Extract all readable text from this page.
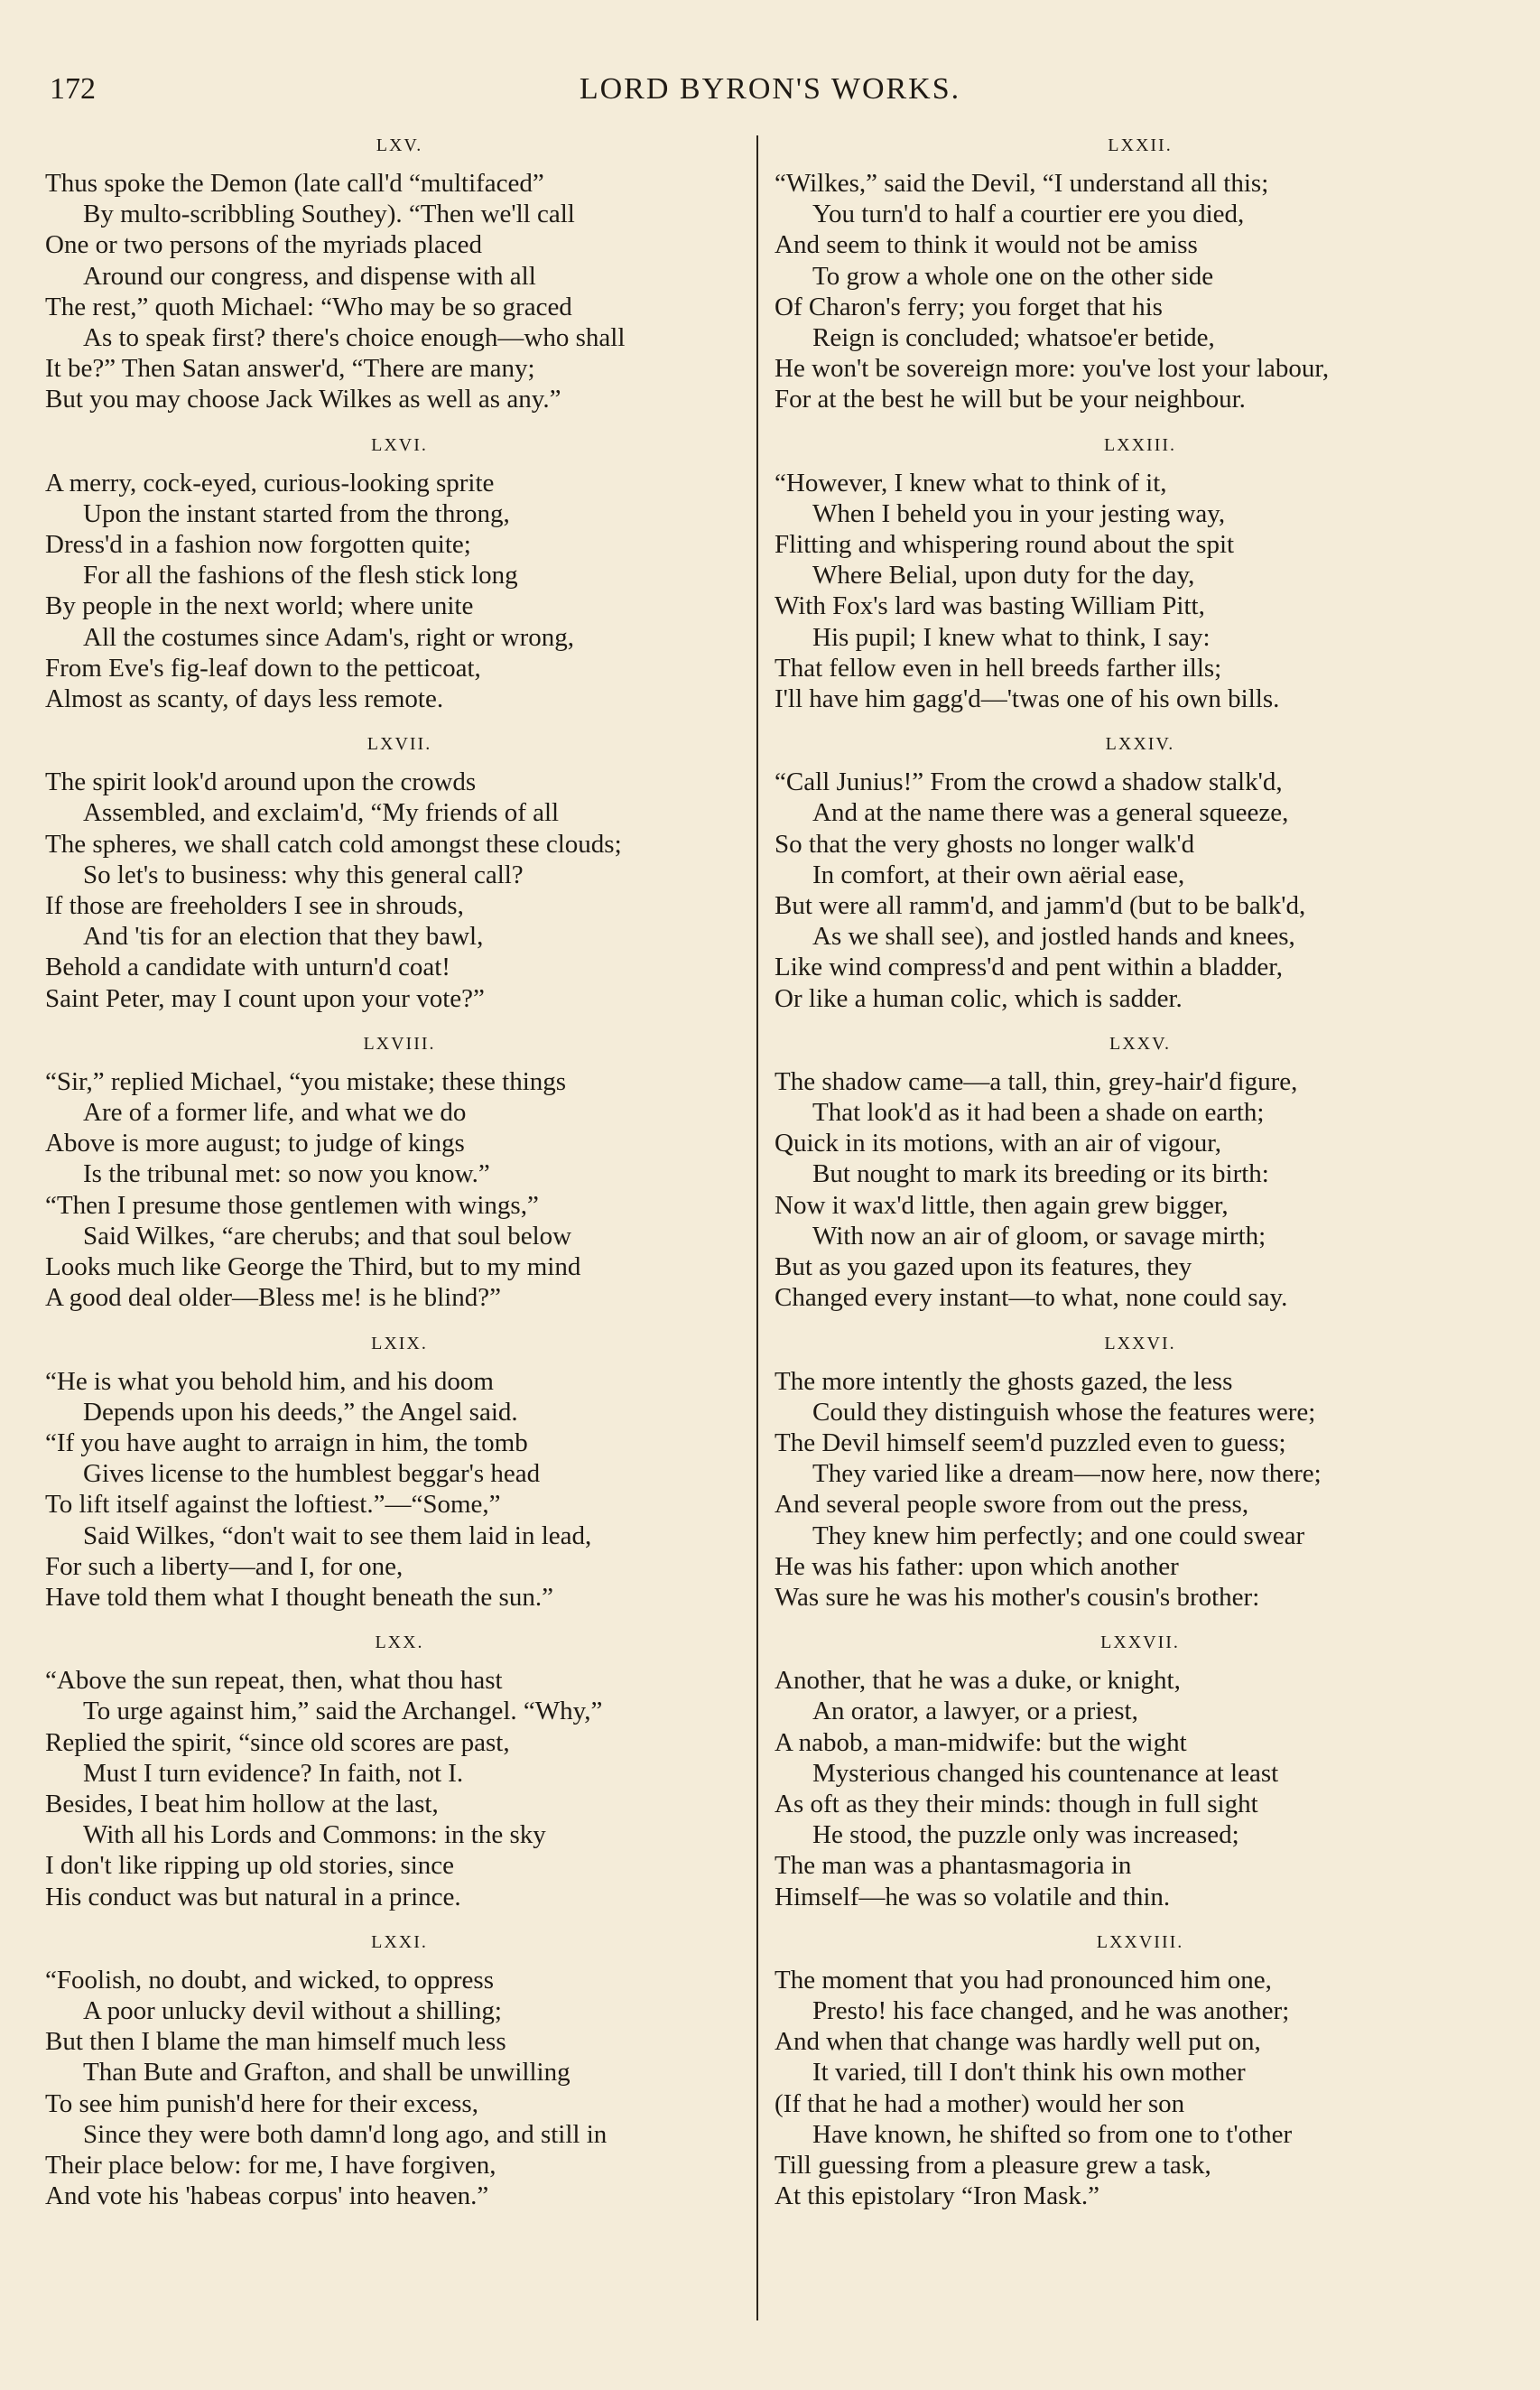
172	LORD BYRON'S WORKS.
LXV.
Thus spoke the Demon (late call'd “multifaced”
By multo-scribbling Southey). “Then we'll call
One or two persons of the myriads placed
Around our congress, and dispense with all
The rest,” quoth Michael: “Who may be so graced
As to speak first? there's choice enough—who shall
It be?” Then Satan answer'd, “There are many;
But you may choose Jack Wilkes as well as any.”
LXVI.
A merry, cock-eyed, curious-looking sprite
Upon the instant started from the throng,
Dress'd in a fashion now forgotten quite;
For all the fashions of the flesh stick long
By people in the next world; where unite
All the costumes since Adam's, right or wrong,
From Eve's fig-leaf down to the petticoat,
Almost as scanty, of days less remote.
LXVII.
The spirit look'd around upon the crowds
Assembled, and exclaim'd, “My friends of all
The spheres, we shall catch cold amongst these clouds;
So let's to business: why this general call?
If those are freeholders I see in shrouds,
And 'tis for an election that they bawl,
Behold a candidate with unturn'd coat!
Saint Peter, may I count upon your vote?”
LXVIII.
“Sir,” replied Michael, “you mistake; these things
Are of a former life, and what we do
Above is more august; to judge of kings
Is the tribunal met: so now you know.”
“Then I presume those gentlemen with wings,”
Said Wilkes, “are cherubs; and that soul below
Looks much like George the Third, but to my mind
A good deal older—Bless me! is he blind?”
LXIX.
“He is what you behold him, and his doom
Depends upon his deeds,” the Angel said.
“If you have aught to arraign in him, the tomb
Gives license to the humblest beggar's head
To lift itself against the loftiest.”—“Some,”
Said Wilkes, “don't wait to see them laid in lead,
For such a liberty—and I, for one,
Have told them what I thought beneath the sun.”
LXX.
“Above the sun repeat, then, what thou hast
To urge against him,” said the Archangel. “Why,”
Replied the spirit, “since old scores are past,
Must I turn evidence? In faith, not I.
Besides, I beat him hollow at the last,
With all his Lords and Commons: in the sky
I don't like ripping up old stories, since
His conduct was but natural in a prince.
LXXI.
“Foolish, no doubt, and wicked, to oppress
A poor unlucky devil without a shilling;
But then I blame the man himself much less
Than Bute and Grafton, and shall be unwilling
To see him punish'd here for their excess,
Since they were both damn'd long ago, and still in
Their place below: for me, I have forgiven,
And vote his 'habeas corpus' into heaven.”
LXXII.
“Wilkes,” said the Devil, “I understand all this;
You turn'd to half a courtier ere you died,
And seem to think it would not be amiss
To grow a whole one on the other side
Of Charon's ferry; you forget that his
Reign is concluded; whatsoe'er betide,
He won't be sovereign more: you've lost your labour,
For at the best he will but be your neighbour.
LXXIII.
“However, I knew what to think of it,
When I beheld you in your jesting way,
Flitting and whispering round about the spit
Where Belial, upon duty for the day,
With Fox's lard was basting William Pitt,
His pupil; I knew what to think, I say:
That fellow even in hell breeds farther ills;
I'll have him gagg'd—'twas one of his own bills.
LXXIV.
“Call Junius!” From the crowd a shadow stalk'd,
And at the name there was a general squeeze,
So that the very ghosts no longer walk'd
In comfort, at their own aërial ease,
But were all ramm'd, and jamm'd (but to be balk'd,
As we shall see), and jostled hands and knees,
Like wind compress'd and pent within a bladder,
Or like a human colic, which is sadder.
LXXV.
The shadow came—a tall, thin, grey-hair'd figure,
That look'd as it had been a shade on earth;
Quick in its motions, with an air of vigour,
But nought to mark its breeding or its birth:
Now it wax'd little, then again grew bigger,
With now an air of gloom, or savage mirth;
But as you gazed upon its features, they
Changed every instant—to what, none could say.
LXXVI.
The more intently the ghosts gazed, the less
Could they distinguish whose the features were;
The Devil himself seem'd puzzled even to guess;
They varied like a dream—now here, now there;
And several people swore from out the press,
They knew him perfectly; and one could swear
He was his father: upon which another
Was sure he was his mother's cousin's brother:
LXXVII.
Another, that he was a duke, or knight,
An orator, a lawyer, or a priest,
A nabob, a man-midwife: but the wight
Mysterious changed his countenance at least
As oft as they their minds: though in full sight
He stood, the puzzle only was increased;
The man was a phantasmagoria in
Himself—he was so volatile and thin.
LXXVIII.
The moment that you had pronounced him one,
Presto! his face changed, and he was another;
And when that change was hardly well put on,
It varied, till I don't think his own mother
(If that he had a mother) would her son
Have known, he shifted so from one to t'other
Till guessing from a pleasure grew a task,
At this epistolary “Iron Mask.”
